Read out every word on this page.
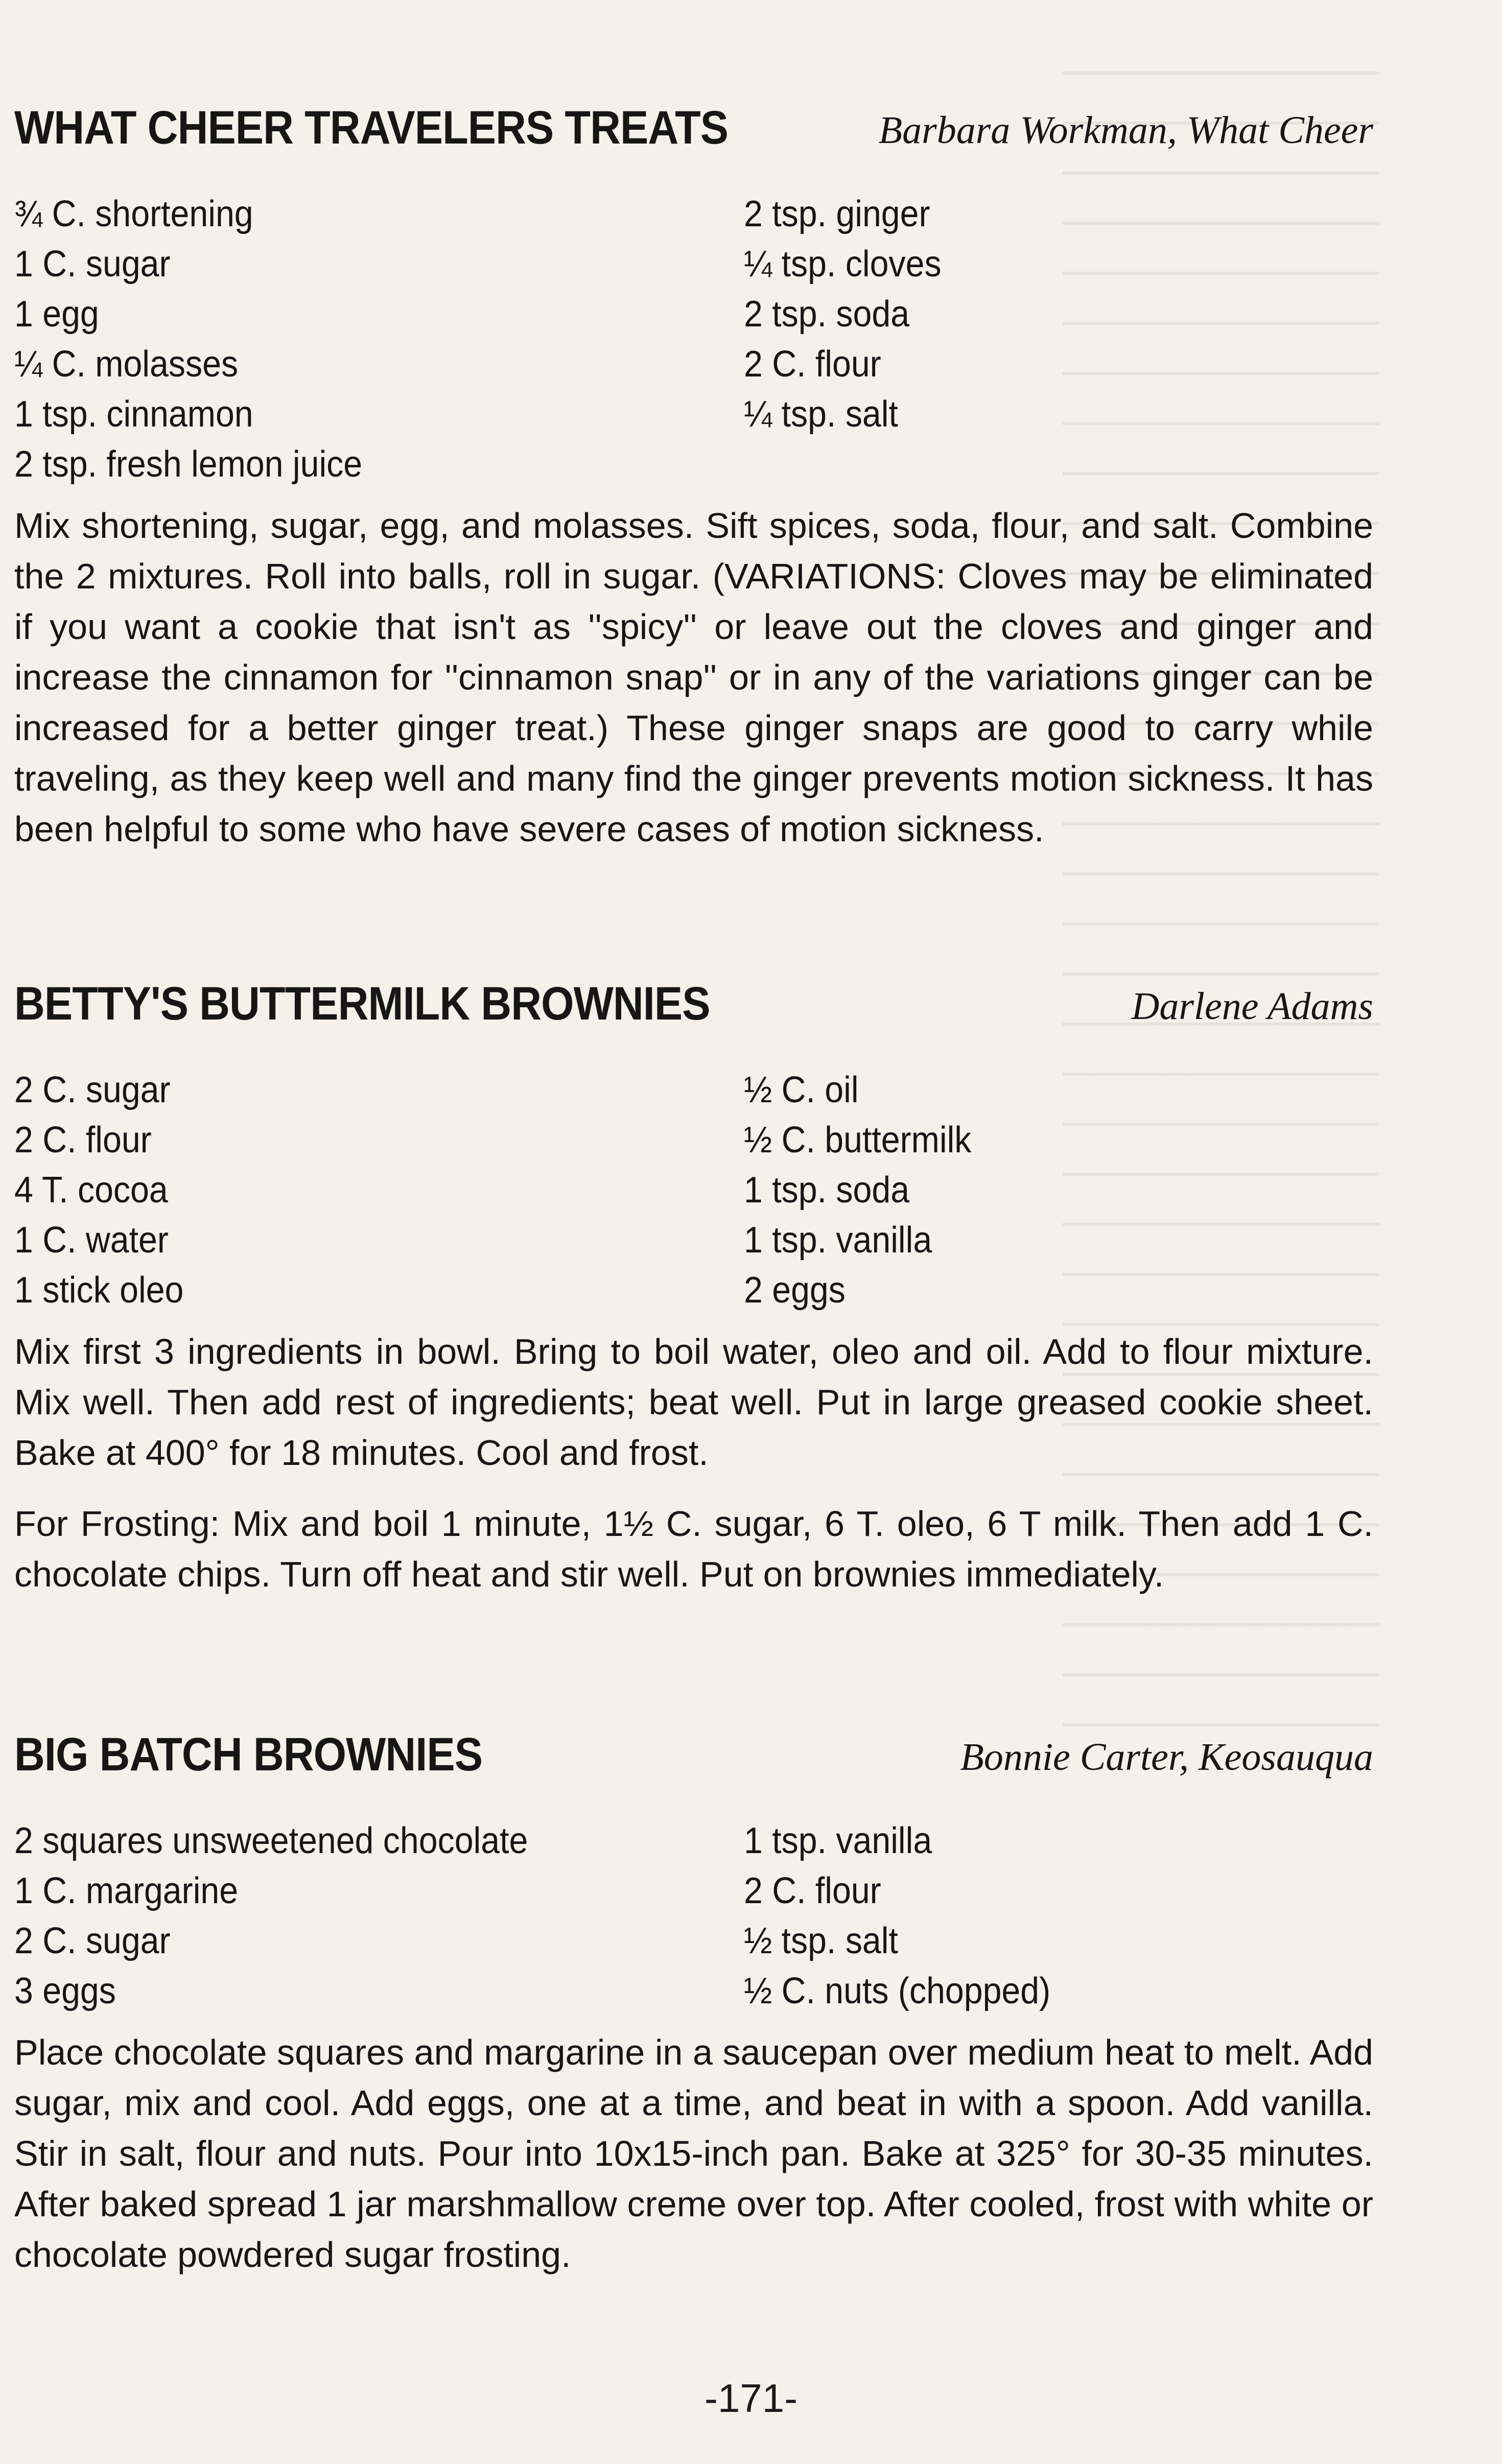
WHAT CHEER TRAVELERS TREATS	Barbara Workman, What Cheer
¾ C. shortening
1 C. sugar
1 egg
¼ C. molasses
1 tsp. cinnamon
2 tsp. fresh lemon juice
2 tsp. ginger
¼ tsp. cloves
2 tsp. soda
2 C. flour
¼ tsp. salt

Mix shortening, sugar, egg, and molasses. Sift spices, soda, flour, and salt. Combine the 2 mixtures. Roll into balls, roll in sugar. (VARIATIONS: Cloves may be eliminated if you want a cookie that isn't as ''spicy'' or leave out the cloves and ginger and increase the cinnamon for ''cinnamon snap'' or in any of the variations ginger can be increased for a better ginger treat.) These ginger snaps are good to carry while traveling, as they keep well and many find the ginger prevents motion sickness. It has been helpful to some who have severe cases of motion sickness.

BETTY'S BUTTERMILK BROWNIES	Darlene Adams
2 C. sugar
2 C. flour
4 T. cocoa
1 C. water
1 stick oleo
½ C. oil
½ C. buttermilk
1 tsp. soda
1 tsp. vanilla
2 eggs

Mix first 3 ingredients in bowl. Bring to boil water, oleo and oil. Add to flour mixture. Mix well. Then add rest of ingredients; beat well. Put in large greased cookie sheet. Bake at 400° for 18 minutes. Cool and frost.

For Frosting: Mix and boil 1 minute, 1½ C. sugar, 6 T. oleo, 6 T milk. Then add 1 C. chocolate chips. Turn off heat and stir well. Put on brownies immediately.

BIG BATCH BROWNIES	Bonnie Carter, Keosauqua
2 squares unsweetened chocolate
1 C. margarine
2 C. sugar
3 eggs
1 tsp. vanilla
2 C. flour
½ tsp. salt
½ C. nuts (chopped)

Place chocolate squares and margarine in a saucepan over medium heat to melt. Add sugar, mix and cool. Add eggs, one at a time, and beat in with a spoon. Add vanilla. Stir in salt, flour and nuts. Pour into 10x15-inch pan. Bake at 325° for 30-35 minutes. After baked spread 1 jar marshmallow creme over top. After cooled, frost with white or chocolate powdered sugar frosting.

-171-
